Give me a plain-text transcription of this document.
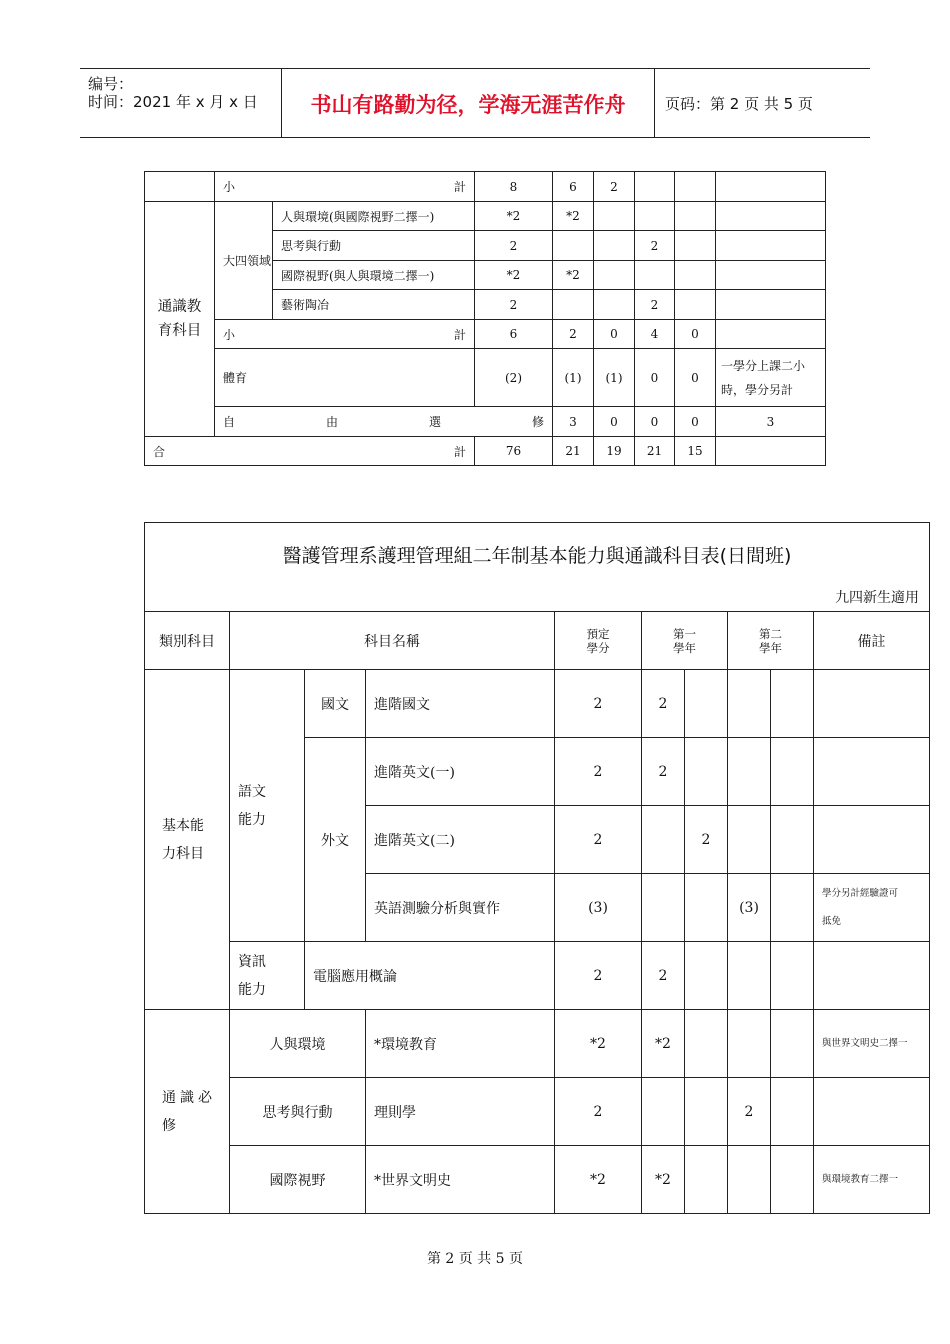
编号：
时间：2021 年 x 月 x 日	书山有路勤为径，学海无涯苦作舟	页码：第 2 页 共 5 页

	小 計		8	6	2				
通識教育科目	大四領域	人與環境(與國際視野二擇一)	*2	*2					
		思考與行動	2			2			
		國際視野(與人與環境二擇一)	*2	*2					
		藝術陶冶	2			2			

	小 計		6	2	0	4	0		
	體育		(2)	(1)	(1)	0	0	一學分上課二小時，學分另計	

	自 由 選 修			3	0	0	0	3	

合 計			76	21	19	21	15		
醫護管理系護理管理組二年制基本能力與通識科目表(日間班)
九四新生適用									

類別科目	科目名稱			預定學分	第一學年		第二學年		備註

基本能力科目	語文能力	國文	進階國文	2	2				
		外文	進階英文(一)	2	2				
			進階英文(二)	2		2			
			英語測驗分析與實作	(3)			(3)		學分另計經驗證可抵免

	資訊能力	電腦應用概論		2	2				

通識必修	人與環境		*環境教育	*2	*2				與世界文明史二擇一
	思考與行動		理則學	2			2		
	國際視野		*世界文明史	*2	*2				與環境教育二擇一
第 2 页 共 5 页
